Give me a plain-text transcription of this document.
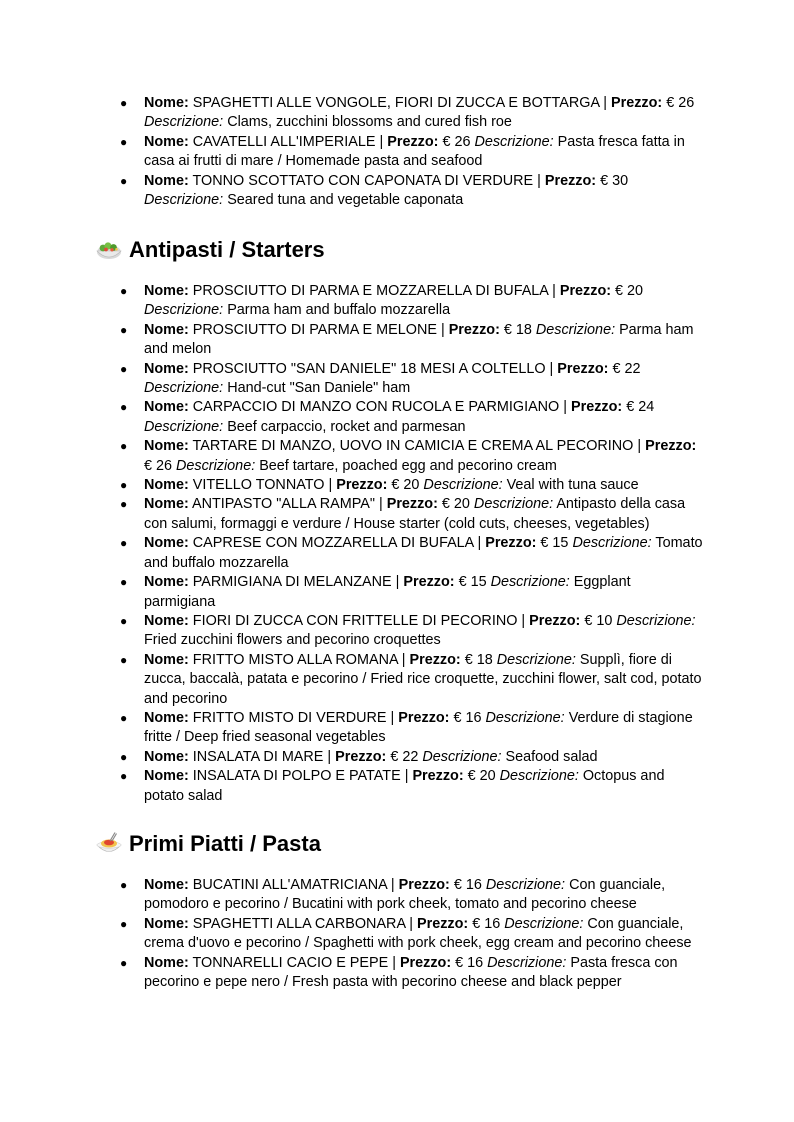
● Nome: SPAGHETTI ALLE VONGOLE, FIORI DI ZUCCA E BOTTARGA | Prezzo: € 26 Descrizione: Clams, zucchini blossoms and cured fish roe
● Nome: CAVATELLI ALL'IMPERIALE | Prezzo: € 26 Descrizione: Pasta fresca fatta in casa ai frutti di mare / Homemade pasta and seafood
● Nome: TONNO SCOTTATO CON CAPONATA DI VERDURE | Prezzo: € 30 Descrizione: Seared tuna and vegetable caponata
Antipasti / Starters
● Nome: PROSCIUTTO DI PARMA E MOZZARELLA DI BUFALA | Prezzo: € 20 Descrizione: Parma ham and buffalo mozzarella
● Nome: PROSCIUTTO DI PARMA E MELONE | Prezzo: € 18 Descrizione: Parma ham and melon
● Nome: PROSCIUTTO "SAN DANIELE" 18 MESI A COLTELLO | Prezzo: € 22 Descrizione: Hand-cut "San Daniele" ham
● Nome: CARPACCIO DI MANZO CON RUCOLA E PARMIGIANO | Prezzo: € 24 Descrizione: Beef carpaccio, rocket and parmesan
● Nome: TARTARE DI MANZO, UOVO IN CAMICIA E CREMA AL PECORINO | Prezzo: € 26 Descrizione: Beef tartare, poached egg and pecorino cream
● Nome: VITELLO TONNATO | Prezzo: € 20 Descrizione: Veal with tuna sauce
● Nome: ANTIPASTO "ALLA RAMPA" | Prezzo: € 20 Descrizione: Antipasto della casa con salumi, formaggi e verdure / House starter (cold cuts, cheeses, vegetables)
● Nome: CAPRESE CON MOZZARELLA DI BUFALA | Prezzo: € 15 Descrizione: Tomato and buffalo mozzarella
● Nome: PARMIGIANA DI MELANZANE | Prezzo: € 15 Descrizione: Eggplant parmigiana
● Nome: FIORI DI ZUCCA CON FRITTELLE DI PECORINO | Prezzo: € 10 Descrizione: Fried zucchini flowers and pecorino croquettes
● Nome: FRITTO MISTO ALLA ROMANA | Prezzo: € 18 Descrizione: Supplì, fiore di zucca, baccalà, patata e pecorino / Fried rice croquette, zucchini flower, salt cod, potato and pecorino
● Nome: FRITTO MISTO DI VERDURE | Prezzo: € 16 Descrizione: Verdure di stagione fritte / Deep fried seasonal vegetables
● Nome: INSALATA DI MARE | Prezzo: € 22 Descrizione: Seafood salad
● Nome: INSALATA DI POLPO E PATATE | Prezzo: € 20 Descrizione: Octopus and potato salad
Primi Piatti / Pasta
● Nome: BUCATINI ALL'AMATRICIANA | Prezzo: € 16 Descrizione: Con guanciale, pomodoro e pecorino / Bucatini with pork cheek, tomato and pecorino cheese
● Nome: SPAGHETTI ALLA CARBONARA | Prezzo: € 16 Descrizione: Con guanciale, crema d'uovo e pecorino / Spaghetti with pork cheek, egg cream and pecorino cheese
● Nome: TONNARELLI CACIO E PEPE | Prezzo: € 16 Descrizione: Pasta fresca con pecorino e pepe nero / Fresh pasta with pecorino cheese and black pepper
